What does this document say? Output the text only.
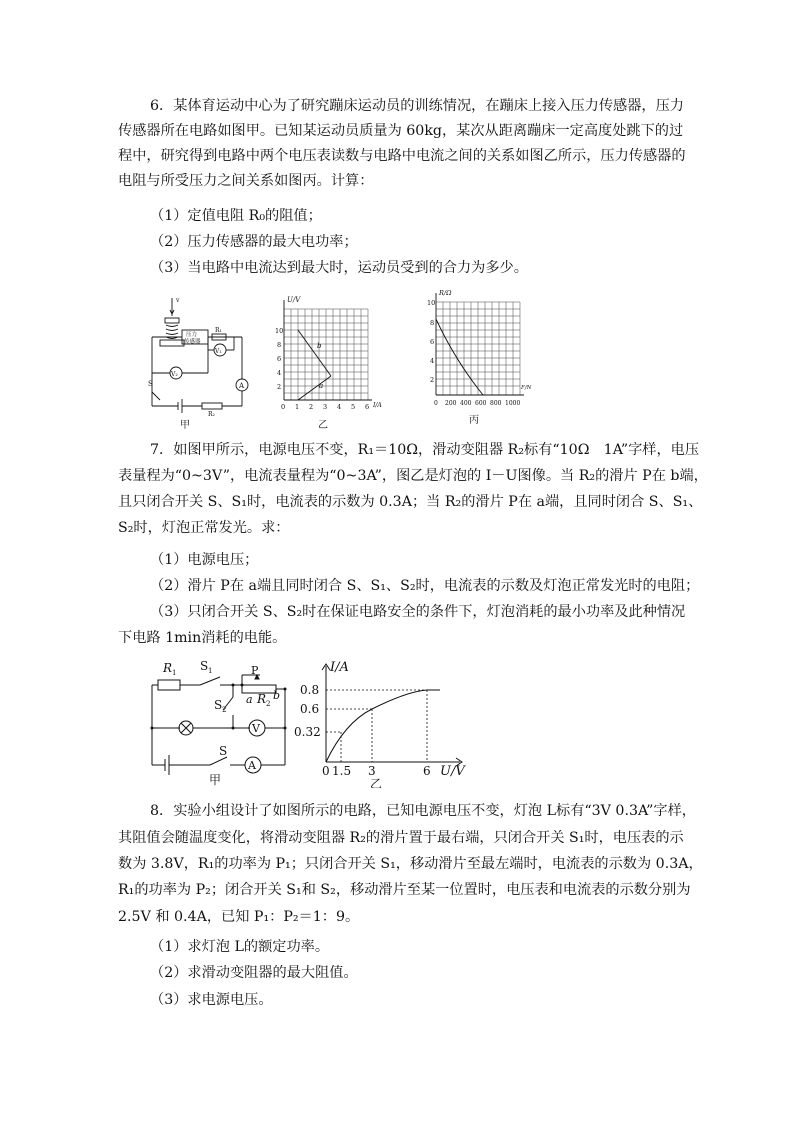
6．某体育运动中心为了研究蹦床运动员的训练情况，在蹦床上接入压力传感器，压力
传感器所在电路如图甲。已知某运动员质量为 60kg，某次从距离蹦床一定高度处跳下的过
程中，研究得到电路中两个电压表读数与电路中电流之间的关系如图乙所示，压力传感器的
电阻与所受压力之间关系如图丙。计算：
（1）定值电阻 R₀的阻值；
（2）压力传感器的最大电功率；
（3）当电路中电流达到最大时，运动员受到的合力为多少。
v
压力
传感器
R₁
V₁
V₂
A
S
R₂
甲
U/V
I/A
10
8
6
4
2
0 1 2 3 4 5 6
b
a
乙
R/Ω
F/N
10
8
6
4
2
0 200 400 600 800 1000
丙
7．如图甲所示，电源电压不变，R₁＝10Ω，滑动变阻器 R₂标有“10Ω　1A”字样，电压
表量程为“0~3V”，电流表量程为“0~3A”，图乙是灯泡的 I－U图像。当 R₂的滑片 P在 b端，
且只闭合开关 S、S₁时，电流表的示数为 0.3A；当 R₂的滑片 P在 a端，且同时闭合 S、S₁、
S₂时，灯泡正常发光。求：
（1）电源电压；
（2）滑片 P在 a端且同时闭合 S、S₁、S₂时，电流表的示数及灯泡正常发光时的电阻；
（3）只闭合开关 S、S₂时在保证电路安全的条件下，灯泡消耗的最小功率及此种情况
下电路 1min消耗的电能。
R 1 S 1	P
a R 2
b
S 2
V
S
A
甲
I/A
U/V
0.8
0.6
0.32
0 1.5 3	6
乙
8．实验小组设计了如图所示的电路，已知电源电压不变，灯泡 L标有“3V 0.3A”字样，
其阻值会随温度变化，将滑动变阻器 R₂的滑片置于最右端，只闭合开关 S₁时，电压表的示
数为 3.8V，R₁的功率为 P₁；只闭合开关 S₁，移动滑片至最左端时，电流表的示数为 0.3A，
R₁的功率为 P₂；闭合开关 S₁和 S₂，移动滑片至某一位置时，电压表和电流表的示数分别为
2.5V 和 0.4A，已知 P₁：P₂＝1：9。
（1）求灯泡 L的额定功率。
（2）求滑动变阻器的最大阻值。
（3）求电源电压。
